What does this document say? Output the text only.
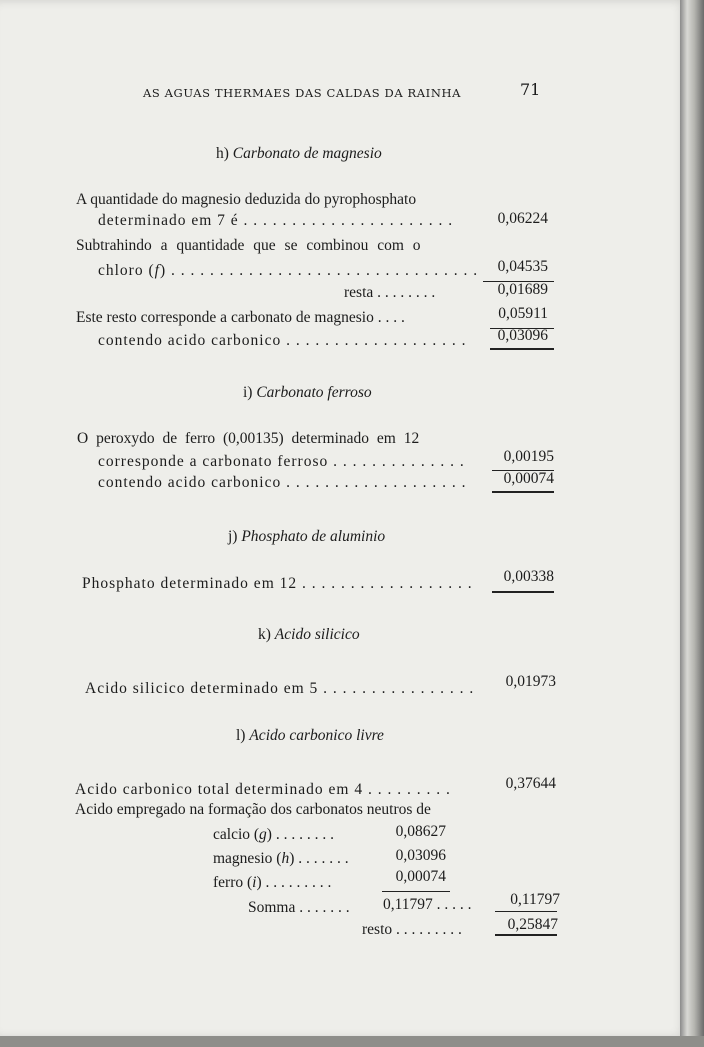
AS AGUAS THERMAES DAS CALDAS DA RAINHA	71
h) Carbonato de magnesio
A quantidade do magnesio deduzida do pyrophosphato
determinado em 7 é . . . . . . . . . . . . . . . . . . . . . .	0,06224
Subtrahindo a quantidade que se combinou com o
chloro (f) . . . . . . . . . . . . . . . . . . . . . . . . . . . . . . . .	0,04535
resta . . . . . . . .	0,01689
Este resto corresponde a carbonato de magnesio . . . .	0,05911
contendo acido carbonico . . . . . . . . . . . . . . . . . . .	0,03096
i) Carbonato ferroso
O peroxydo de ferro (0,00135) determinado em 12
corresponde a carbonato ferroso . . . . . . . . . . . . . .	0,00195
contendo acido carbonico . . . . . . . . . . . . . . . . . . .	0,00074
j) Phosphato de aluminio
Phosphato determinado em 12 . . . . . . . . . . . . . . . . . .	0,00338
k) Acido silicico
Acido silicico determinado em 5 . . . . . . . . . . . . . . . .	0,01973
l) Acido carbonico livre
Acido carbonico total determinado em 4 . . . . . . . . .	0,37644
Acido empregado na formação dos carbonatos neutros de
calcio (g) . . . . . . . .	0,08627
magnesio (h) . . . . . . .	0,03096
ferro (i) . . . . . . . . .	0,00074
Somma . . . . . . . 0,11797 . . . . .	0,11797
resto . . . . . . . . .	0,25847
